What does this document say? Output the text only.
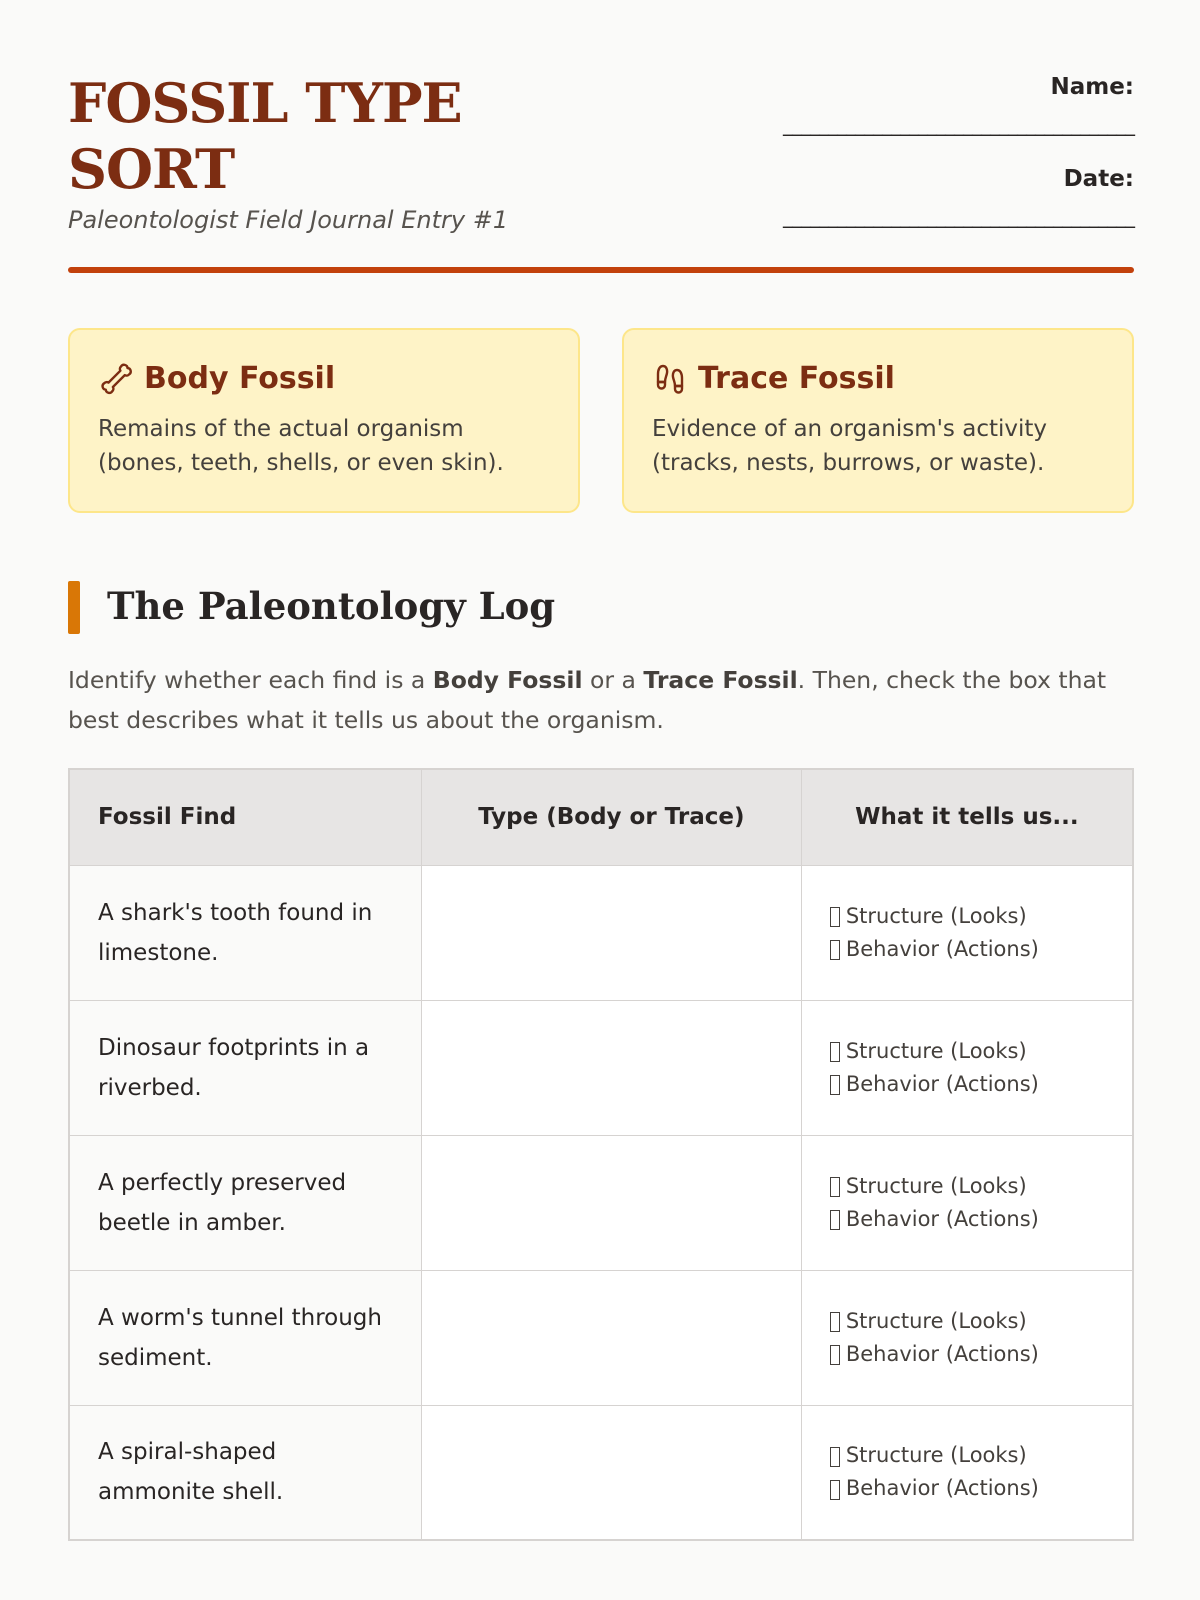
FOSSIL TYPE SORT
Paleontologist Field Journal Entry #1
Name:
_______________________________________
Date:
_______________________________________
Body Fossil

Remains of the actual organism (bones, teeth, shells, or even skin).

Trace Fossil

Evidence of an organism's activity (tracks, nests, burrows, or waste).

The Paleontology Log

Identify whether each find is a Body Fossil or a Trace Fossil. Then, check the box that best describes what it tells us about the organism.

Fossil Find	Type (Body or Trace)	What it tells us...
A shark's tooth found in limestone.		Structure (Looks)
Behavior (Actions)

Dinosaur footprints in a riverbed.		Structure (Looks)
Behavior (Actions)

A perfectly preserved beetle in amber.		Structure (Looks)
Behavior (Actions)

A worm's tunnel through sediment.		Structure (Looks)
Behavior (Actions)

A spiral-shaped ammonite shell.		Structure (Looks)
Behavior (Actions)
